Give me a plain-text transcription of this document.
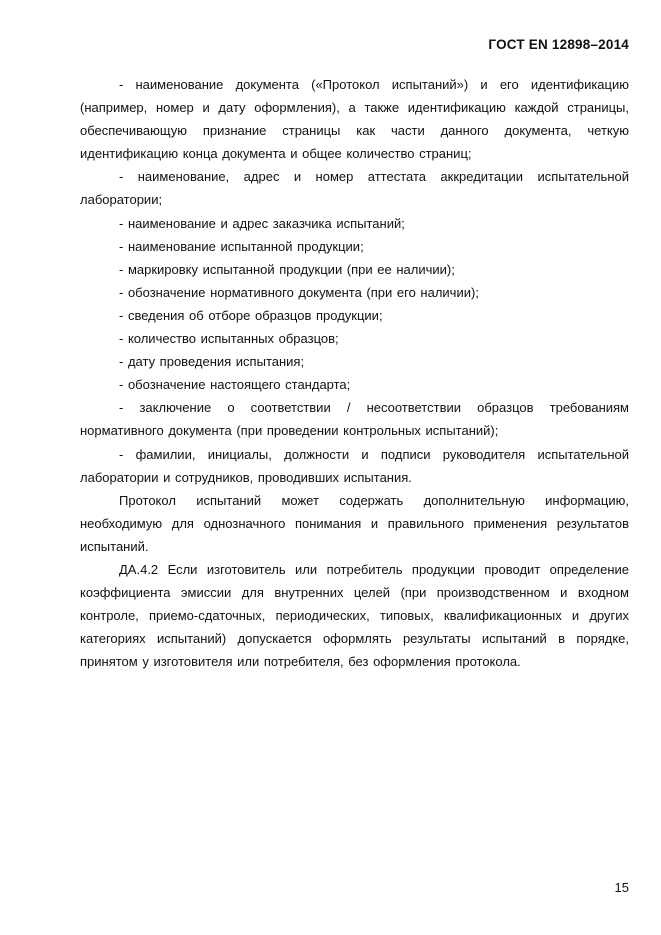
ГОСТ EN 12898–2014

- наименование документа («Протокол испытаний») и его идентификацию (например, номер и дату оформления), а также идентификацию каждой страницы, обеспечивающую признание страницы как части данного документа, четкую идентификацию конца документа и общее количество страниц;

- наименование, адрес и номер аттестата аккредитации испытательной лаборатории;

- наименование и адрес заказчика испытаний;

- наименование испытанной продукции;

- маркировку испытанной продукции (при ее наличии);

- обозначение нормативного документа (при его наличии);

- сведения об отборе образцов продукции;

- количество испытанных образцов;

- дату проведения испытания;

- обозначение настоящего стандарта;

- заключение о соответствии / несоответствии образцов требованиям нормативного документа (при проведении контрольных испытаний);

- фамилии, инициалы, должности и подписи руководителя испытательной лаборатории и сотрудников, проводивших испытания.

Протокол испытаний может содержать дополнительную информацию, необходимую для однозначного понимания и правильного применения результатов испытаний.

ДА.4.2 Если изготовитель или потребитель продукции проводит определение коэффициента эмиссии для внутренних целей (при производственном и входном контроле, приемо-сдаточных, периодических, типовых, квалификационных и других категориях испытаний) допускается оформлять результаты испытаний в порядке, принятом у изготовителя или потребителя, без оформления протокола.

15
